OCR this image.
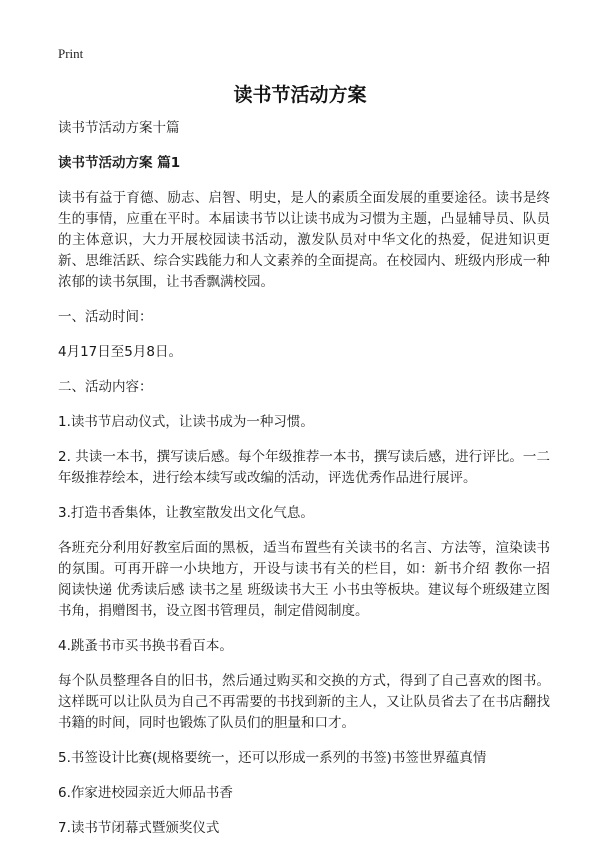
Print
读书节活动方案

读书节活动方案十篇

读书节活动方案 篇1

读书有益于育德、励志、启智、明史，是人的素质全面发展的重要途径。读书是终生的事情，应重在平时。本届读书节以让读书成为习惯为主题，凸显辅导员、队员的主体意识，大力开展校园读书活动，激发队员对中华文化的热爱，促进知识更新、思维活跃、综合实践能力和人文素养的全面提高。在校园内、班级内形成一种浓郁的读书氛围，让书香飘满校园。

一、活动时间：

4月17日至5月8日。

二、活动内容：

1.读书节启动仪式，让读书成为一种习惯。

2. 共读一本书，撰写读后感。每个年级推荐一本书，撰写读后感，进行评比。一二年级推荐绘本，进行绘本续写或改编的活动，评选优秀作品进行展评。

3.打造书香集体，让教室散发出文化气息。

各班充分利用好教室后面的黑板，适当布置些有关读书的名言、方法等，渲染读书的氛围。可再开辟一小块地方，开设与读书有关的栏目，如：新书介绍 教你一招 阅读快递 优秀读后感 读书之星 班级读书大王 小书虫等板块。建议每个班级建立图书角，捐赠图书，设立图书管理员，制定借阅制度。

4.跳蚤书市买书换书看百本。

每个队员整理各自的旧书，然后通过购买和交换的方式，得到了自己喜欢的图书。这样既可以让队员为自己不再需要的书找到新的主人，又让队员省去了在书店翻找书籍的时间，同时也锻炼了队员们的胆量和口才。

5.书签设计比赛(规格要统一，还可以形成一系列的书签)书签世界蕴真情

6.作家进校园亲近大师品书香

7.读书节闭幕式暨颁奖仪式
